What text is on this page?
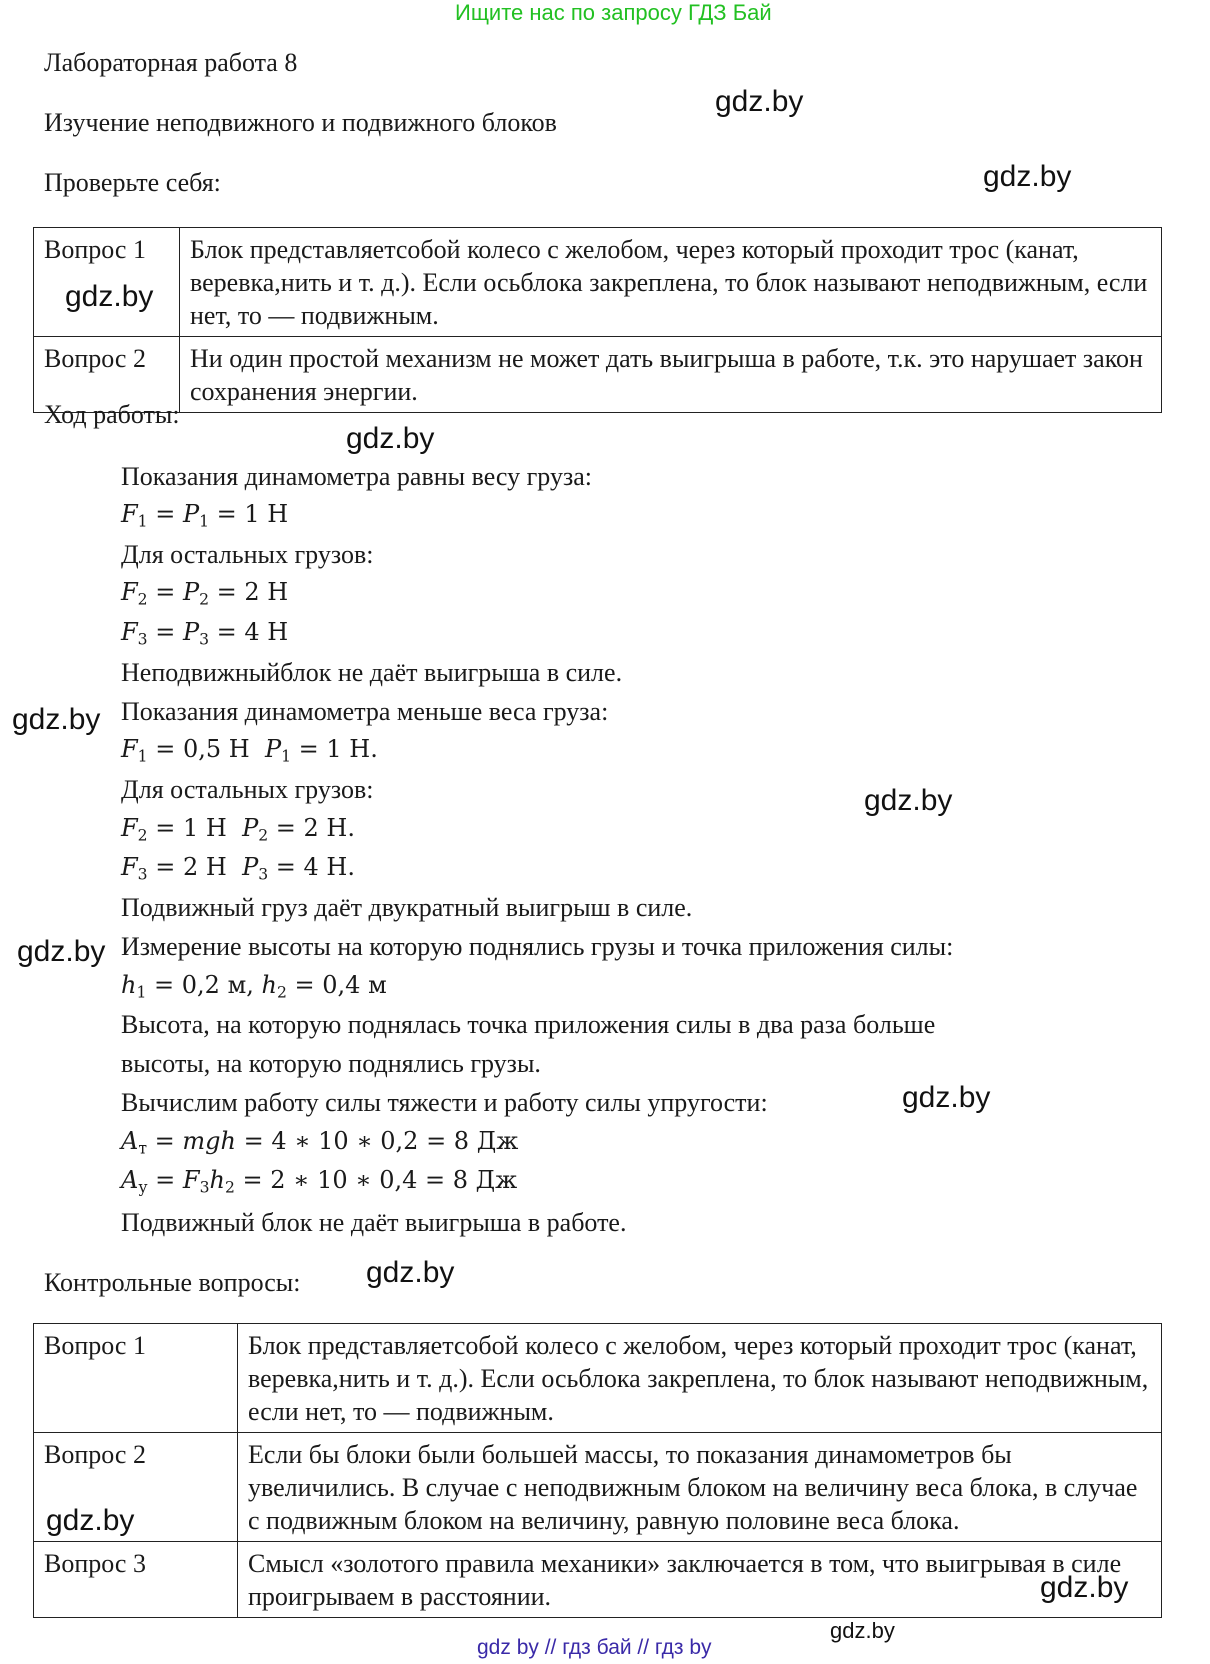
Ищите нас по запросу ГДЗ Бай
Лабораторная работа 8
Изучение неподвижного и подвижного блоков
Проверьте себя:
Вопрос 1	Блок представляетсобой колесо с желобом, через который проходит трос (канат, веревка,нить и т. д.). Если осьблока закреплена, то блок называют неподвижным, если нет, то — подвижным.
Вопрос 2	Ни один простой механизм не может дать выигрыша в работе, т.к. это нарушает закон сохранения энергии.
Ход работы:
Показания динамометра равны весу груза:
$F_1 = P_1 = 1$ Н
Для остальных грузов:
$F_2 = P_2 = 2$ Н
$F_3 = P_3 = 4$ Н
Неподвижныйблок не даёт выигрыша в силе.
Показания динамометра меньше веса груза:
$F_1 = 0,5$ Н $P_1 = 1$ Н.
Для остальных грузов:
$F_2 = 1$ Н $P_2 = 2$ Н.
$F_3 = 2$ Н $P_3 = 4$ Н.
Подвижный груз даёт двукратный выигрыш в силе.
Измерение высоты на которую поднялись грузы и точка приложения силы:
$h_1 = 0,2$ м, $h_2 = 0,4$ м
Высота, на которую поднялась точка приложения силы в два раза больше
высоты, на которую поднялись грузы.
Вычислим работу силы тяжести и работу силы упругости:
$A_т$ = mgh = 4 ∗ 10 ∗ 0,2 = 8 Дж
$A_у = F_3h_2 = 2$ ∗ 10 ∗ 0,4 = 8 Дж
Подвижный блок не даёт выигрыша в работе.
Контрольные вопросы:
Вопрос 1	Блок представляетсобой колесо с желобом, через который проходит трос (канат, веревка,нить и т. д.). Если осьблока закреплена, то блок называют неподвижным, если нет, то — подвижным.
Вопрос 2	Если бы блоки были большей массы, то показания динамометров бы увеличились. В случае с неподвижным блоком на величину веса блока, в случае с подвижным блоком на величину, равную половине веса блока.
Вопрос 3	Смысл «золотого правила механики» заключается в том, что выигрывая в силе проигрываем в расстоянии.
gdz.by
gdz.by
gdz.by
gdz.by
gdz.by
gdz.by
gdz.by
gdz.by
gdz.by
gdz.by
gdz.by
gdz.by
gdz by // гдз бай // гдз by
